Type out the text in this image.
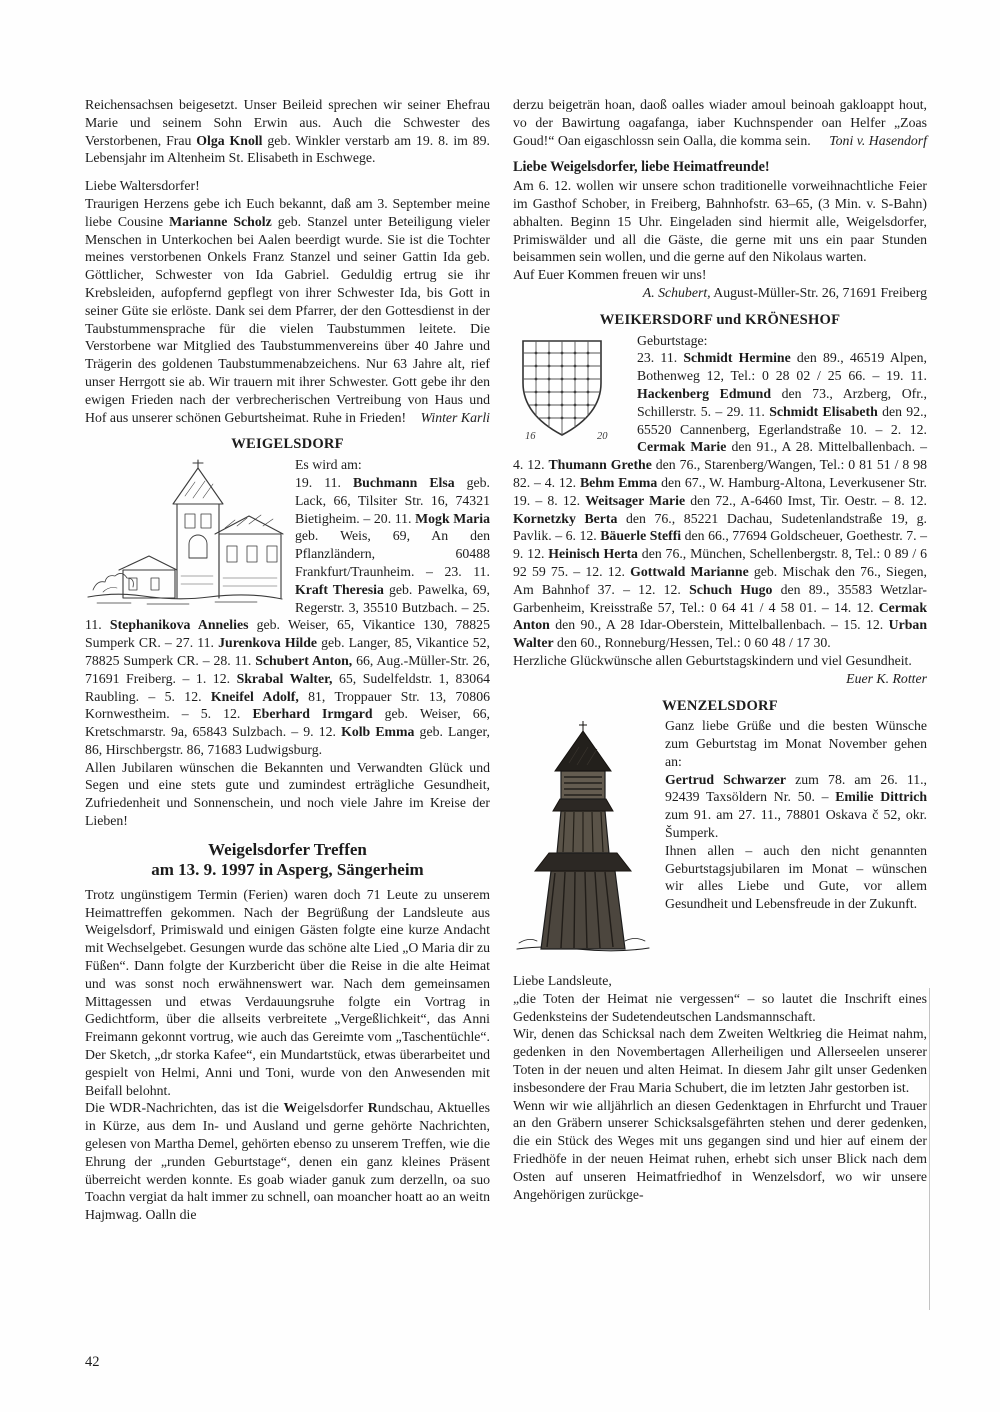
Reichensachsen beigesetzt. Unser Beileid sprechen wir seiner Ehefrau Marie und seinem Sohn Erwin aus. Auch die Schwester des Verstorbenen, Frau Olga Knoll geb. Winkler verstarb am 19. 8. im 89. Lebensjahr im Altenheim St. Elisabeth in Eschwege.

Liebe Waltersdorfer!

Traurigen Herzens gebe ich Euch bekannt, daß am 3. September meine liebe Cousine Marianne Scholz geb. Stanzel unter Beteiligung vieler Menschen in Unterkochen bei Aalen beerdigt wurde. Sie ist die Tochter meines verstorbenen Onkels Franz Stanzel und seiner Gattin Ida geb. Göttlicher, Schwester von Ida Gabriel. Geduldig ertrug sie ihr Krebsleiden, aufopfernd gepflegt von ihrer Schwester Ida, bis Gott in seiner Güte sie erlöste. Dank sei dem Pfarrer, der den Gottesdienst in der Taubstummensprache für die vielen Taubstummen leitete. Die Verstorbene war Mitglied des Taubstummenvereins über 40 Jahre und Trägerin des goldenen Taubstummenabzeichens. Nur 63 Jahre alt, rief unser Herrgott sie ab. Wir trauern mit ihrer Schwester. Gott gebe ihr den ewigen Frieden nach der verbrecherischen Vertreibung von Haus und Hof aus unserer schönen Geburtsheimat. Ruhe in Frieden! Winter Karli

WEIGELSDORF
Es wird am:

19. 11. Buchmann Elsa geb. Lack, 66, Tilsiter Str. 16, 74321 Bietigheim. – 20. 11. Mogk Maria geb. Weis, 69, An den Pflanzländern, 60488 Frankfurt/Traunheim. – 23. 11. Kraft Theresia geb. Pawelka, 69, Regerstr. 3, 35510 Butzbach. – 25. 11. Stephanikova Annelies geb. Weiser, 65, Vikantice 130, 78825 Sumperk CR. – 27. 11. Jurenkova Hilde geb. Langer, 85, Vikantice 52, 78825 Sumperk CR. – 28. 11. Schubert Anton, 66, Aug.-Müller-Str. 26, 71691 Freiberg. – 1. 12. Skrabal Walter, 65, Sudelfeldstr. 1, 83064 Raubling. – 5. 12. Kneifel Adolf, 81, Troppauer Str. 13, 70806 Kornwestheim. – 5. 12. Eberhard Irmgard geb. Weiser, 66, Kretschmarstr. 9a, 65843 Sulzbach. – 9. 12. Kolb Emma geb. Langer, 86, Hirschbergstr. 86, 71683 Ludwigsburg.

Allen Jubilaren wünschen die Bekannten und Verwandten Glück und Segen und eine stets gute und zumindest erträgliche Gesundheit, Zufriedenheit und Sonnenschein, und noch viele Jahre im Kreise der Lieben!

Weigelsdorfer Treffen
am 13. 9. 1997 in Asperg, Sängerheim

Trotz ungünstigem Termin (Ferien) waren doch 71 Leute zu unserem Heimattreffen gekommen. Nach der Begrüßung der Landsleute aus Weigelsdorf, Primiswald und einigen Gästen folgte eine kurze Andacht mit Wechselgebet. Gesungen wurde das schöne alte Lied „O Maria dir zu Füßen“. Dann folgte der Kurzbericht über die Reise in die alte Heimat und was sonst noch erwähnenswert war. Nach dem gemeinsamen Mittagessen und etwas Verdauungsruhe folgte ein Vortrag in Gedichtform, über die allseits verbreitete „Vergeßlichkeit“, das Anni Freimann gekonnt vortrug, wie auch das Gereimte vom „Taschentüchle“. Der Sketch, „dr storka Kafee“, ein Mundartstück, etwas überarbeitet und gespielt von Helmi, Anni und Toni, wurde von den Anwesenden mit Beifall belohnt.

Die WDR-Nachrichten, das ist die Weigelsdorfer Rundschau, Aktuelles in Kürze, aus dem In- und Ausland und gerne gehörte Nachrichten, gelesen von Martha Demel, gehörten ebenso zu unserem Treffen, wie die Ehrung der „runden Geburtstage“, denen ein ganz kleines Präsent überreicht werden konnte. Es goab wiader ganuk zum derzelln, oa suo Toachn vergiat da halt immer zu schnell, oan moancher hoatt ao an weitn Hajmwag. Oalln die

derzu beigeträn hoan, daoß oalles wiader amoul beinoah gakloappt hout, vo der Bawirtung oagafanga, iaber Kuchnspender oan Helfer „Zoas Goud!“ Oan eigaschlossn sein Oalla, die komma sein. Toni v. Hasendorf

Liebe Weigelsdorfer, liebe Heimatfreunde!

Am 6. 12. wollen wir unsere schon traditionelle vorweihnachtliche Feier im Gasthof Schober, in Freiberg, Bahnhofstr. 63–65, (3 Min. v. S-Bahn) abhalten. Beginn 15 Uhr. Eingeladen sind hiermit alle, Weigelsdorfer, Primiswälder und all die Gäste, die gerne mit uns ein paar Stunden beisammen sein wollen, und die gerne auf den Nikolaus warten.

Auf Euer Kommen freuen wir uns!
A. Schubert, August-Müller-Str. 26, 71691 Freiberg
WEIKERSDORF und KRÖNESHOF
16	20
Geburtstage:

23. 11. Schmidt Hermine den 89., 46519 Alpen, Bothenweg 12, Tel.: 0 28 02 / 25 66. – 19. 11. Hackenberg Edmund den 73., Arzberg, Ofr., Schillerstr. 5. – 29. 11. Schmidt Elisabeth den 92., 65520 Cannenberg, Egerlandstraße 10. – 2. 12. Cermak Marie den 91., A 28. Mittelballenbach. – 4. 12. Thumann Grethe den 76., Starenberg/Wangen, Tel.: 0 81 51 / 8 98 82. – 4. 12. Behm Emma den 67., W. Hamburg-Altona, Leverkusener Str. 19. – 8. 12. Weitsager Marie den 72., A-6460 Imst, Tir. Oestr. – 8. 12. Kornetzky Berta den 76., 85221 Dachau, Sudetenlandstraße 19, g. Pavlik. – 6. 12. Bäuerle Steffi den 66., 77694 Goldscheuer, Goethestr. 7. – 9. 12. Heinisch Herta den 76., München, Schellenbergstr. 8, Tel.: 0 89 / 6 92 59 75. – 12. 12. Gottwald Marianne geb. Mischak den 76., Siegen, Am Bahnhof 37. – 12. 12. Schuch Hugo den 89., 35583 Wetzlar-Garbenheim, Kreisstraße 57, Tel.: 0 64 41 / 4 58 01. – 14. 12. Cermak Anton den 90., A 28 Idar-Oberstein, Mittelballenbach. – 15. 12. Urban Walter den 60., Ronneburg/Hessen, Tel.: 0 60 48 / 17 30.

Herzliche Glückwünsche allen Geburtstagskindern und viel Gesundheit.
Euer K. Rotter

WENZELSDORF

Ganz liebe Grüße und die besten Wünsche zum Geburtstag im Monat November gehen an:

Gertrud Schwarzer zum 78. am 26. 11., 92439 Taxsöldern Nr. 50. – Emilie Dittrich zum 91. am 27. 11., 78801 Oskava č 52, okr. Šumperk.

Ihnen allen – auch den nicht genannten Geburtstagsjubilaren im Monat – wünschen wir alles Liebe und Gute, vor allem Gesundheit und Lebensfreude in der Zukunft.

Liebe Landsleute,

„die Toten der Heimat nie vergessen“ – so lautet die Inschrift eines Gedenksteins der Sudetendeutschen Landsmannschaft.

Wir, denen das Schicksal nach dem Zweiten Weltkrieg die Heimat nahm, gedenken in den Novembertagen Allerheiligen und Allerseelen unserer Toten in der neuen und alten Heimat. In diesem Jahr gilt unser Gedenken insbesondere der Frau Maria Schubert, die im letzten Jahr gestorben ist.

Wenn wir wie alljährlich an diesen Gedenktagen in Ehrfurcht und Trauer an den Gräbern unserer Schicksalsgefährten stehen und derer gedenken, die ein Stück des Weges mit uns gegangen sind und hier auf einem der Friedhöfe in der neuen Heimat ruhen, erhebt sich unser Blick nach dem Osten auf unseren Heimatfriedhof in Wenzelsdorf, wo wir unsere Angehörigen zurückge-

42
